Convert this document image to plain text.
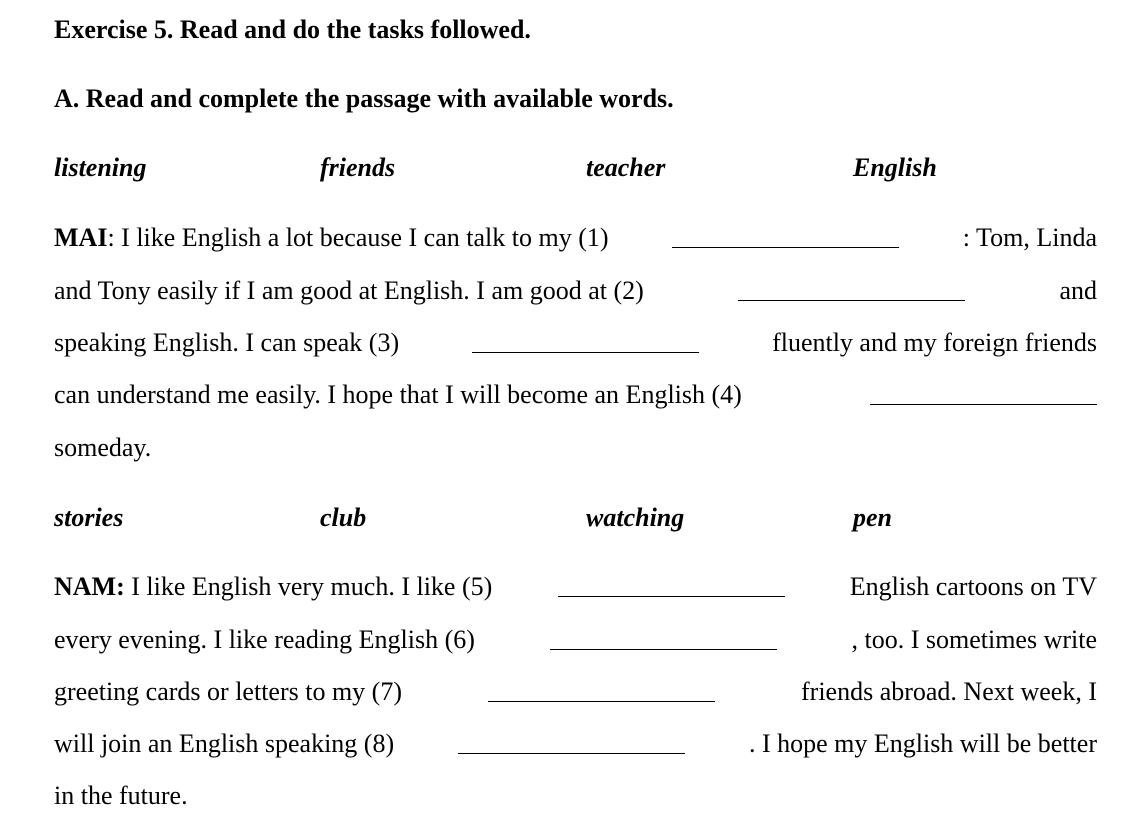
Exercise 5. Read and do the tasks followed.
A. Read and complete the passage with available words.
listening	friends	teacher	English
MAI: I like English a lot because I can talk to my (1)	: Tom, Linda
and Tony easily if I am good at English. I am good at (2)	and
speaking English. I can speak (3)	fluently and my foreign friends
can understand me easily. I hope that I will become an English (4)
someday.
stories	club	watching	pen
NAM: I like English very much. I like (5)	English cartoons on TV
every evening. I like reading English (6)	, too. I sometimes write
greeting cards or letters to my (7)	friends abroad. Next week, I
will join an English speaking (8)	. I hope my English will be better
in the future.
